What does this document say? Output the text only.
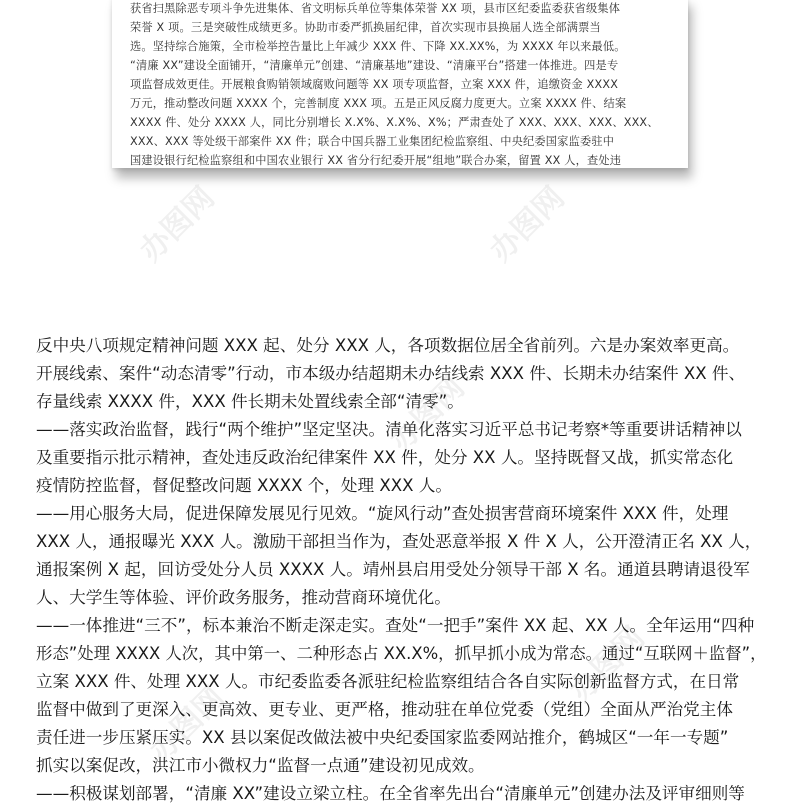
获省扫黑除恶专项斗争先进集体、省文明标兵单位等集体荣誉 XX 项，县市区纪委监委获省级集体
荣誉 X 项。三是突破性成绩更多。协助市委严抓换届纪律，首次实现市县换届人选全部满票当
选。坚持综合施策，全市检举控告量比上年减少 XXX 件、下降 XX.XX%，为 XXXX 年以来最低。
“清廉 XX”建设全面铺开，“清廉单元”创建、“清廉基地”建设、“清廉平台”搭建一体推进。四是专
项监督成效更佳。开展粮食购销领域腐败问题等 XX 项专项监督，立案 XXX 件，追缴资金 XXXX
万元，推动整改问题 XXXX 个，完善制度 XXX 项。五是正风反腐力度更大。立案 XXXX 件、结案
XXXX 件、处分 XXXX 人，同比分别增长 X.X%、X.X%、X%；严肃查处了 XXX、XXX、XXX、XXX、
XXX、XXX 等处级干部案件 XX 件；联合中国兵器工业集团纪检监察组、中央纪委国家监委驻中
国建设银行纪检监察组和中国农业银行 XX 省分行纪委开展“组地”联合办案，留置 XX 人，查处违
办图网	办图网
办图网
办图网
办图网
反中央八项规定精神问题 XXX 起、处分 XXX 人，各项数据位居全省前列。六是办案效率更高。
开展线索、案件“动态清零”行动，市本级办结超期未办结线索 XXX 件、长期未办结案件 XX 件、
存量线索 XXXX 件，XXX 件长期未处置线索全部“清零”。
——落实政治监督，践行“两个维护”坚定坚决。清单化落实习近平总书记考察*等重要讲话精神以
及重要指示批示精神，查处违反政治纪律案件 XX 件，处分 XX 人。坚持既督又战，抓实常态化
疫情防控监督，督促整改问题 XXXX 个，处理 XXX 人。
——用心服务大局，促进保障发展见行见效。“旋风行动”查处损害营商环境案件 XXX 件，处理
XXX 人，通报曝光 XXX 人。激励干部担当作为，查处恶意举报 X 件 X 人，公开澄清正名 XX 人，
通报案例 X 起，回访受处分人员 XXXX 人。靖州县启用受处分领导干部 X 名。通道县聘请退役军
人、大学生等体验、评价政务服务，推动营商环境优化。
——一体推进“三不”，标本兼治不断走深走实。查处“一把手”案件 XX 起、XX 人。全年运用“四种
形态”处理 XXXX 人次，其中第一、二种形态占 XX.X%，抓早抓小成为常态。通过“互联网＋监督”，
立案 XXX 件、处理 XXX 人。市纪委监委各派驻纪检监察组结合各自实际创新监督方式，在日常
监督中做到了更深入、更高效、更专业、更严格，推动驻在单位党委（党组）全面从严治党主体
责任进一步压紧压实。XX 县以案促改做法被中央纪委国家监委网站推介，鹤城区“一年一专题”
抓实以案促改，洪江市小微权力“监督一点通”建设初见成效。
——积极谋划部署，“清廉 XX”建设立梁立柱。在全省率先出台“清廉单元”创建办法及评审细则等
